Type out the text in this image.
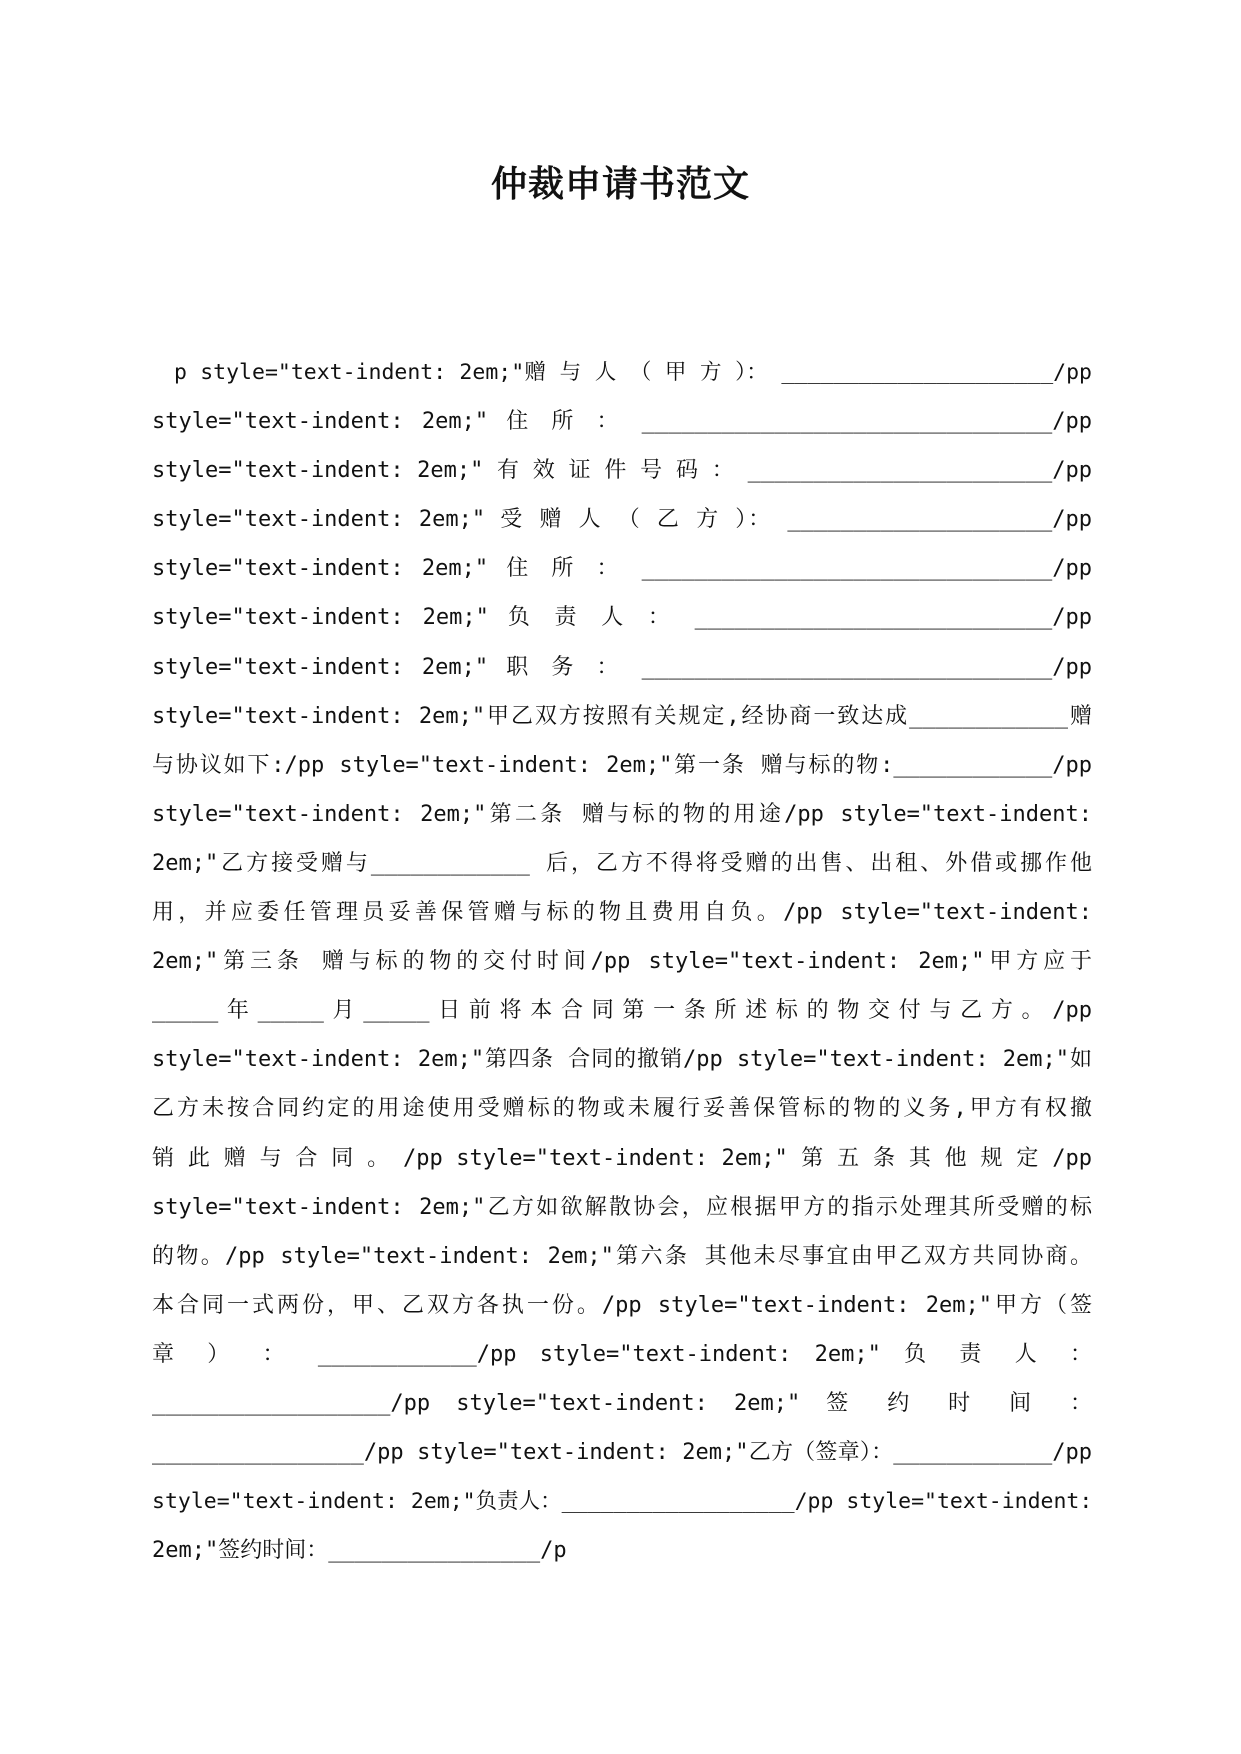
仲裁申请书范文
p style="text-indent: 2em;"赠 与 人 （ 甲 方 ）： _____________________/pp
style="text-indent: 2em;" 住 所 ： _______________________________/pp
style="text-indent: 2em;" 有 效 证 件 号 码 ： _______________________/pp
style="text-indent: 2em;" 受 赠 人 （ 乙 方 ）： ____________________/pp
style="text-indent: 2em;" 住 所 ： _______________________________/pp
style="text-indent: 2em;" 负 责 人 ： ___________________________/pp
style="text-indent: 2em;" 职 务 ： _______________________________/pp
style="text-indent: 2em;"甲乙双方按照有关规定,经协商一致达成____________赠
与协议如下:/pp style="text-indent: 2em;"第一条 赠与标的物:____________/pp
style="text-indent: 2em;"第二条 赠与标的物的用途/pp style="text-indent:
2em;"乙方接受赠与____________ 后，乙方不得将受赠的出售、出租、外借或挪作他
用，并应委任管理员妥善保管赠与标的物且费用自负。/pp style="text-indent:
2em;"第三条 赠与标的物的交付时间/pp style="text-indent: 2em;"甲方应于
_____年_____月_____日前将本合同第一条所述标的物交付与乙方。/pp
style="text-indent: 2em;"第四条 合同的撤销/pp style="text-indent: 2em;"如
乙方未按合同约定的用途使用受赠标的物或未履行妥善保管标的物的义务,甲方有权撤
销 此 赠 与 合 同 。 /pp style="text-indent: 2em;" 第 五 条 其 他 规 定 /pp
style="text-indent: 2em;"乙方如欲解散协会，应根据甲方的指示处理其所受赠的标
的物。/pp style="text-indent: 2em;"第六条 其他未尽事宜由甲乙双方共同协商。
本合同一式两份，甲、乙双方各执一份。/pp style="text-indent: 2em;"甲方（签
章 ） ： ____________/pp style="text-indent: 2em;" 负 责 人 ：
__________________/pp style="text-indent: 2em;" 签 约 时 间 ：
________________/pp style="text-indent: 2em;"乙方（签章）：____________/pp
style="text-indent: 2em;"负责人：__________________/pp style="text-indent:
2em;"签约时间：________________/p
